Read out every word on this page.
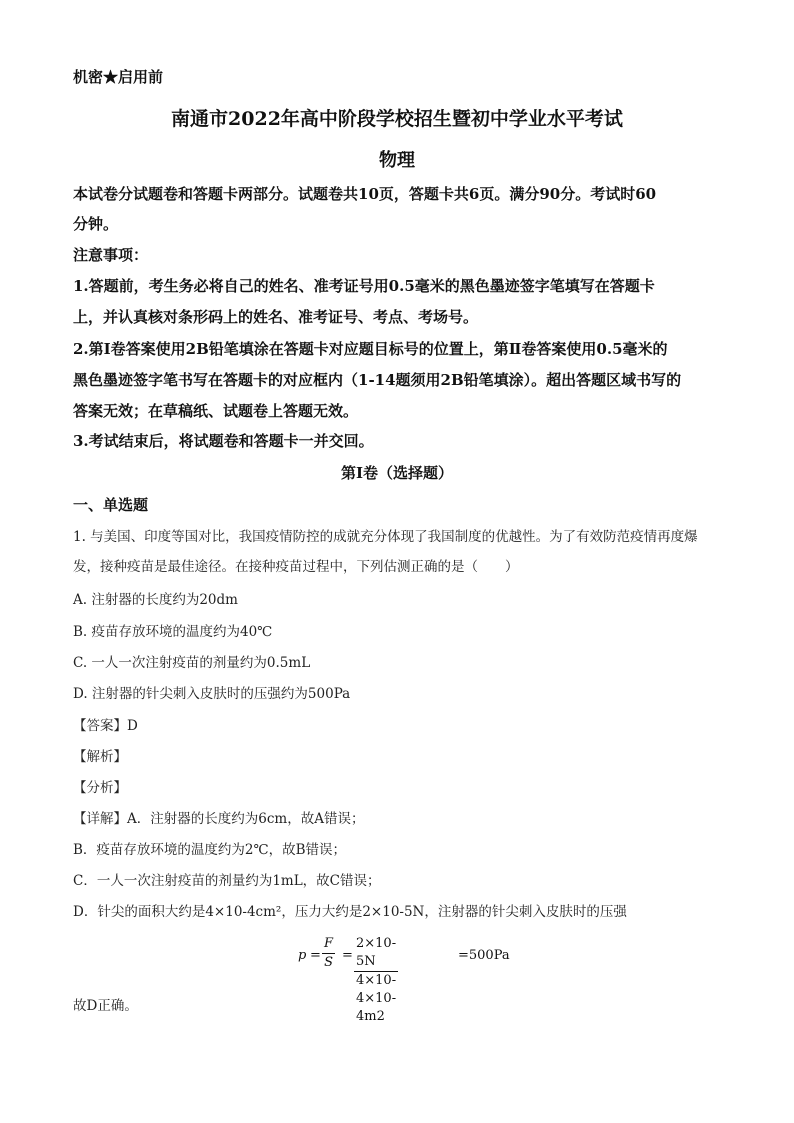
机密★启用前
南通市2022年高中阶段学校招生暨初中学业水平考试
物理
本试卷分试题卷和答题卡两部分。试题卷共10页，答题卡共6页。满分90分。考试时60
分钟。
注意事项：
1.答题前，考生务必将自己的姓名、准考证号用0.5毫米的黑色墨迹签字笔填写在答题卡
上，并认真核对条形码上的姓名、准考证号、考点、考场号。
2.第I卷答案使用2B铅笔填涂在答题卡对应题目标号的位置上，第Ⅱ卷答案使用0.5毫米的
黑色墨迹签字笔书写在答题卡的对应框内（1-14题须用2B铅笔填涂）。超出答题区域书写的
答案无效；在草稿纸、试题卷上答题无效。
3.考试结束后，将试题卷和答题卡一并交回。
第I卷（选择题）
一、单选题
1. 与美国、印度等国对比，我国疫情防控的成就充分体现了我国制度的优越性。为了有效防范疫情再度爆
发，接种疫苗是最佳途径。在接种疫苗过程中，下列估测正确的是（　　）
A. 注射器的长度约为20dm
B. 疫苗存放环境的温度约为40℃
C. 一人一次注射疫苗的剂量约为0.5mL
D. 注射器的针尖刺入皮肤时的压强约为500Pa
【答案】D
【解析】
【分析】
【详解】A．注射器的长度约为6cm，故A错误；
B．疫苗存放环境的温度约为2℃，故B错误；
C．一人一次注射疫苗的剂量约为1mL，故C错误；
D．针尖的面积大约是4×10-4cm²，压力大约是2×10-5N，注射器的针尖刺入皮肤时的压强
p =
F
S =
2×10-5N
4×10-4×10-4m2
=500Pa
故D正确。
